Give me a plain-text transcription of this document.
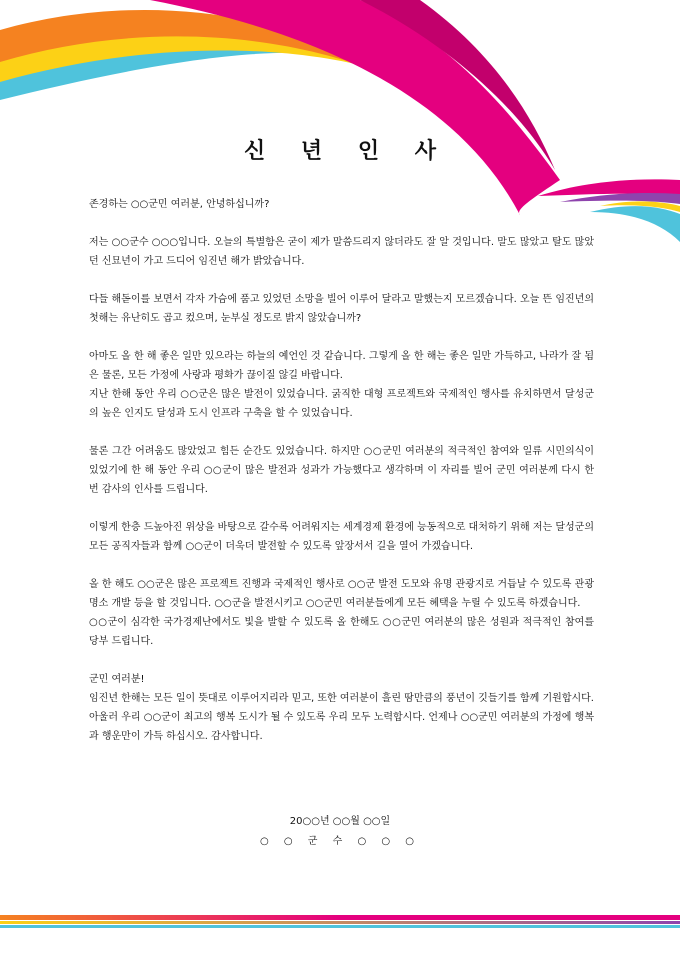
신 년 인 사

존경하는 ○○군민 여러분, 안녕하십니까?

저는 ○○군수 ○○○입니다. 오늘의 특별함은 굳이 제가 말씀드리지 않더라도 잘 알 것입니다. 말도 많았고 탈도 많았던 신묘년이 가고 드디어 임진년 해가 밝았습니다.

다들 해돋이를 보면서 각자 가슴에 품고 있었던 소망을 빌어 이루어 달라고 말했는지 모르겠습니다. 오늘 뜬 임진년의 첫해는 유난히도 곱고 컸으며, 눈부실 정도로 밝지 않았습니까?

아마도 올 한 해 좋은 일만 있으라는 하늘의 예언인 것 같습니다. 그렇게 올 한 해는 좋은 일만 가득하고, 나라가 잘 됨은 물론, 모든 가정에 사랑과 평화가 끊이질 않길 바랍니다.

지난 한해 동안 우리 ○○군은 많은 발전이 있었습니다. 굵직한 대형 프로젝트와 국제적인 행사를 유치하면서 달성군의 높은 인지도 달성과 도시 인프라 구축을 할 수 있었습니다.

물론 그간 어려움도 많았었고 힘든 순간도 있었습니다. 하지만 ○○군민 여러분의 적극적인 참여와 일류 시민의식이 있었기에 한 해 동안 우리 ○○군이 많은 발전과 성과가 가능했다고 생각하며 이 자리를 빌어 군민 여러분께 다시 한번 감사의 인사를 드립니다.

이렇게 한층 드높아진 위상을 바탕으로 갈수록 어려워지는 세계경제 환경에 능동적으로 대처하기 위해 저는 달성군의 모든 공직자들과 함께 ○○군이 더욱더 발전할 수 있도록 앞장서서 길을 열어 가겠습니다.

올 한 해도 ○○군은 많은 프로젝트 진행과 국제적인 행사로 ○○군 발전 도모와 유명 관광지로 거듭날 수 있도록 관광명소 개발 등을 할 것입니다. ○○군을 발전시키고 ○○군민 여러분들에게 모든 혜택을 누릴 수 있도록 하겠습니다.

○○군이 심각한 국가경제난에서도 빛을 발할 수 있도록 올 한해도 ○○군민 여러분의 많은 성원과 적극적인 참여를 당부 드립니다.

군민 여러분!

임진년 한해는 모든 일이 뜻대로 이루어지리라 믿고, 또한 여러분이 흘린 땀만큼의 풍년이 깃들기를 함께 기원합시다. 아울러 우리 ○○군이 최고의 행복 도시가 될 수 있도록 우리 모두 노력합시다. 언제나 ○○군민 여러분의 가정에 행복과 행운만이 가득 하십시오. 감사합니다.

20○○년 ○○월 ○○일
○ ○ 군 수 ○ ○ ○
